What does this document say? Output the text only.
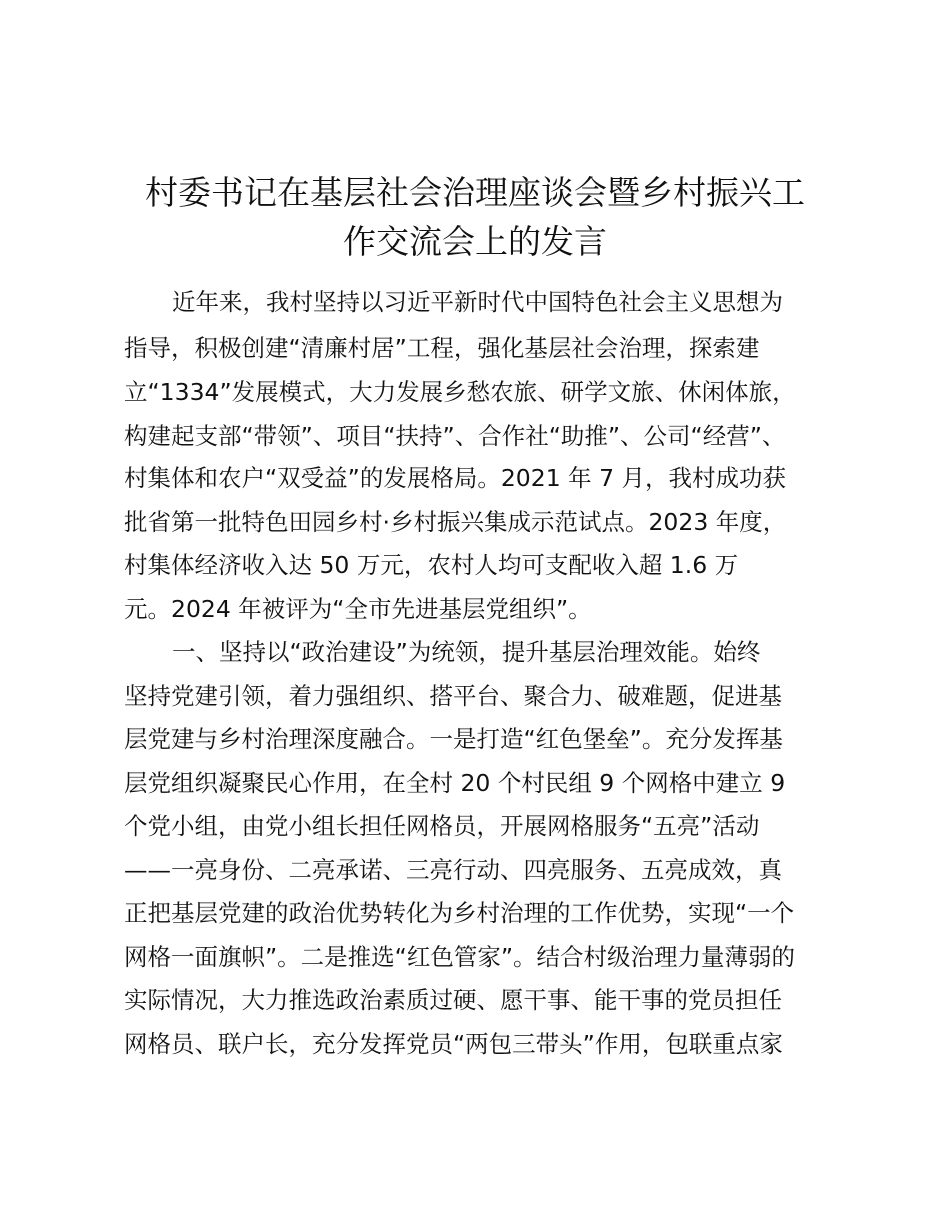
村委书记在基层社会治理座谈会暨乡村振兴工
作交流会上的发言
近年来，我村坚持以习近平新时代中国特色社会主义思想为
指导，积极创建“清廉村居”工程，强化基层社会治理，探索建
立“1334”发展模式，大力发展乡愁农旅、研学文旅、休闲体旅，
构建起支部“带领”、项目“扶持”、合作社“助推”、公司“经营”、
村集体和农户“双受益”的发展格局。2021 年 7 月，我村成功获
批省第一批特色田园乡村·乡村振兴集成示范试点。2023 年度，
村集体经济收入达 50 万元，农村人均可支配收入超 1.6 万
元。2024 年被评为“全市先进基层党组织”。
一、坚持以“政治建设”为统领，提升基层治理效能。始终
坚持党建引领，着力强组织、搭平台、聚合力、破难题，促进基
层党建与乡村治理深度融合。一是打造“红色堡垒”。充分发挥基
层党组织凝聚民心作用，在全村 20 个村民组 9 个网格中建立 9
个党小组，由党小组长担任网格员，开展网格服务“五亮”活动
——一亮身份、二亮承诺、三亮行动、四亮服务、五亮成效，真
正把基层党建的政治优势转化为乡村治理的工作优势，实现“一个
网格一面旗帜”。二是推选“红色管家”。结合村级治理力量薄弱的
实际情况，大力推选政治素质过硬、愿干事、能干事的党员担任
网格员、联户长，充分发挥党员“两包三带头”作用，包联重点家
